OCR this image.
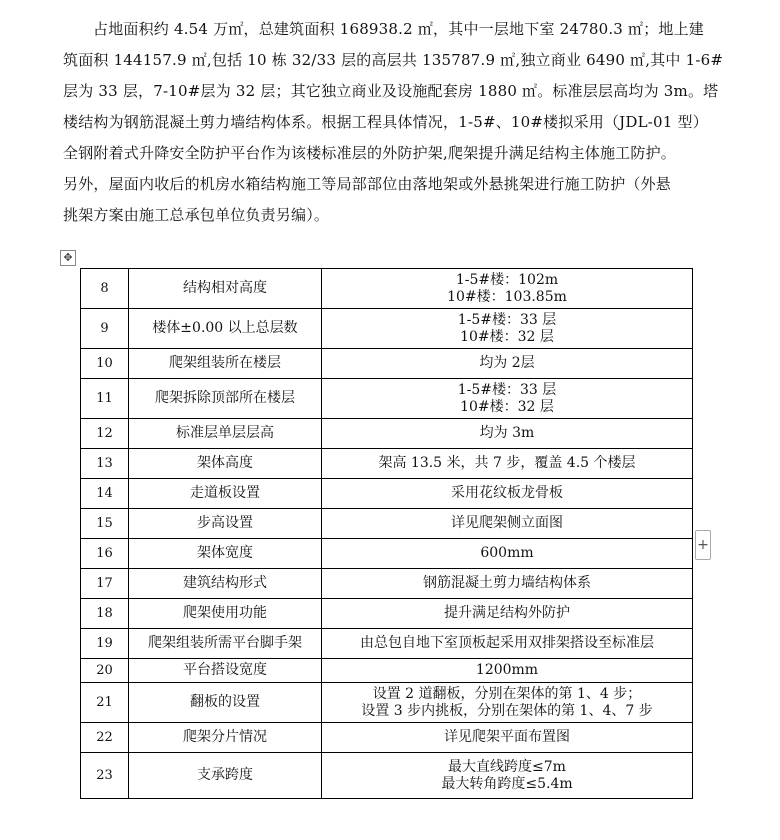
占地面积约 4.54 万㎡，总建筑面积 168938.2 ㎡，其中一层地下室 24780.3 ㎡；地上建
筑面积 144157.9 ㎡,包括 10 栋 32/33 层的高层共 135787.9 ㎡,独立商业 6490 ㎡,其中 1-6#
层为 33 层，7-10#层为 32 层；其它独立商业及设施配套房 1880 ㎡。标准层层高均为 3m。塔
楼结构为钢筋混凝土剪力墙结构体系。根据工程具体情况，1-5#、10#楼拟采用（JDL-01 型）
全钢附着式升降安全防护平台作为该楼标准层的外防护架,爬架提升满足结构主体施工防护。
另外，屋面内收后的机房水箱结构施工等局部部位由落地架或外悬挑架进行施工防护（外悬
挑架方案由施工总承包单位负责另编）。
✥
+
8	结构相对高度	1-5#楼：102m
10#楼：103.85m

9	楼体±0.00 以上总层数	1-5#楼：33 层
10#楼：32 层

10	爬架组装所在楼层	均为 2层

11	爬架拆除顶部所在楼层	1-5#楼：33 层
10#楼：32 层

12	标准层单层层高	均为 3m

13	架体高度	架高 13.5 米，共 7 步，覆盖 4.5 个楼层

14	走道板设置	采用花纹板龙骨板

15	步高设置	详见爬架侧立面图

16	架体宽度	600mm

17	建筑结构形式	钢筋混凝土剪力墙结构体系

18	爬架使用功能	提升满足结构外防护

19	爬架组装所需平台脚手架	由总包自地下室顶板起采用双排架搭设至标准层

20	平台搭设宽度	1200mm

21	翻板的设置	设置 2 道翻板，分别在架体的第 1、4 步；
设置 3 步内挑板，分别在架体的第 1、4、7 步

22	爬架分片情况	详见爬架平面布置图

23	支承跨度	最大直线跨度≤7m
最大转角跨度≤5.4m
